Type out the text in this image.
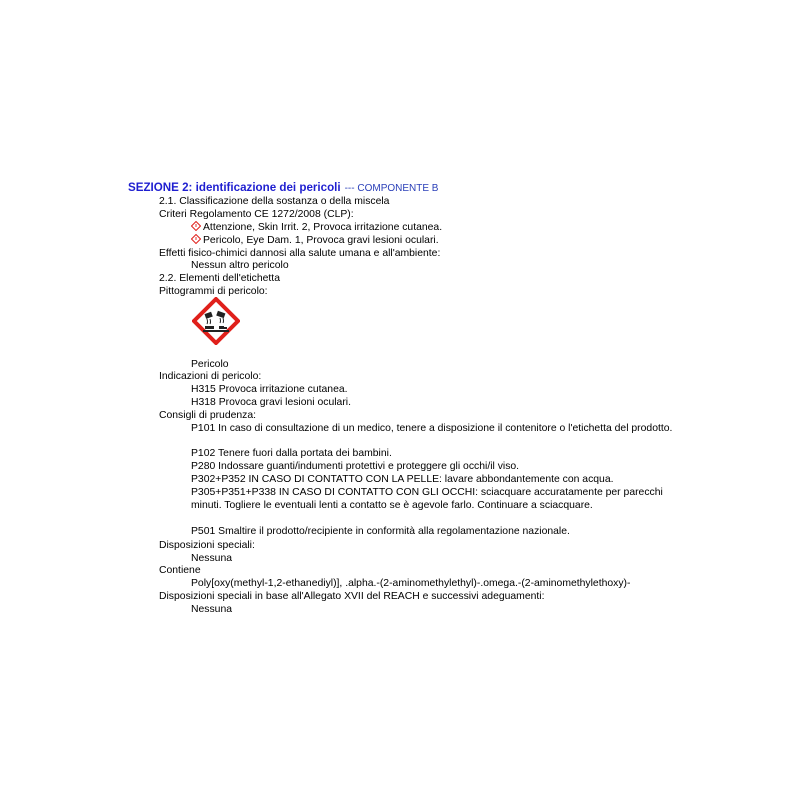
SEZIONE 2: identificazione dei pericoli --- COMPONENTE B
2.1. Classificazione della sostanza o della miscela
Criteri Regolamento CE 1272/2008 (CLP):
Attenzione, Skin Irrit. 2, Provoca irritazione cutanea.
Pericolo, Eye Dam. 1, Provoca gravi lesioni oculari.
Effetti fisico-chimici dannosi alla salute umana e all'ambiente:
Nessun altro pericolo
2.2. Elementi dell'etichetta
Pittogrammi di pericolo:
Pericolo
Indicazioni di pericolo:
H315 Provoca irritazione cutanea.
H318 Provoca gravi lesioni oculari.
Consigli di prudenza:
P101 In caso di consultazione di un medico, tenere a disposizione il contenitore o l'etichetta del prodotto.
P102 Tenere fuori dalla portata dei bambini.
P280 Indossare guanti/indumenti protettivi e proteggere gli occhi/il viso.
P302+P352 IN CASO DI CONTATTO CON LA PELLE: lavare abbondantemente con acqua.
P305+P351+P338 IN CASO DI CONTATTO CON GLI OCCHI: sciacquare accuratamente per parecchi minuti. Togliere le eventuali lenti a contatto se è agevole farlo. Continuare a sciacquare.
P501 Smaltire il prodotto/recipiente in conformità alla regolamentazione nazionale.
Disposizioni speciali:
Nessuna
Contiene
Poly[oxy(methyl-1,2-ethanediyl)], .alpha.-(2-aminomethylethyl)-.omega.-(2-aminomethylethoxy)-
Disposizioni speciali in base all'Allegato XVII del REACH e successivi adeguamenti:
Nessuna
